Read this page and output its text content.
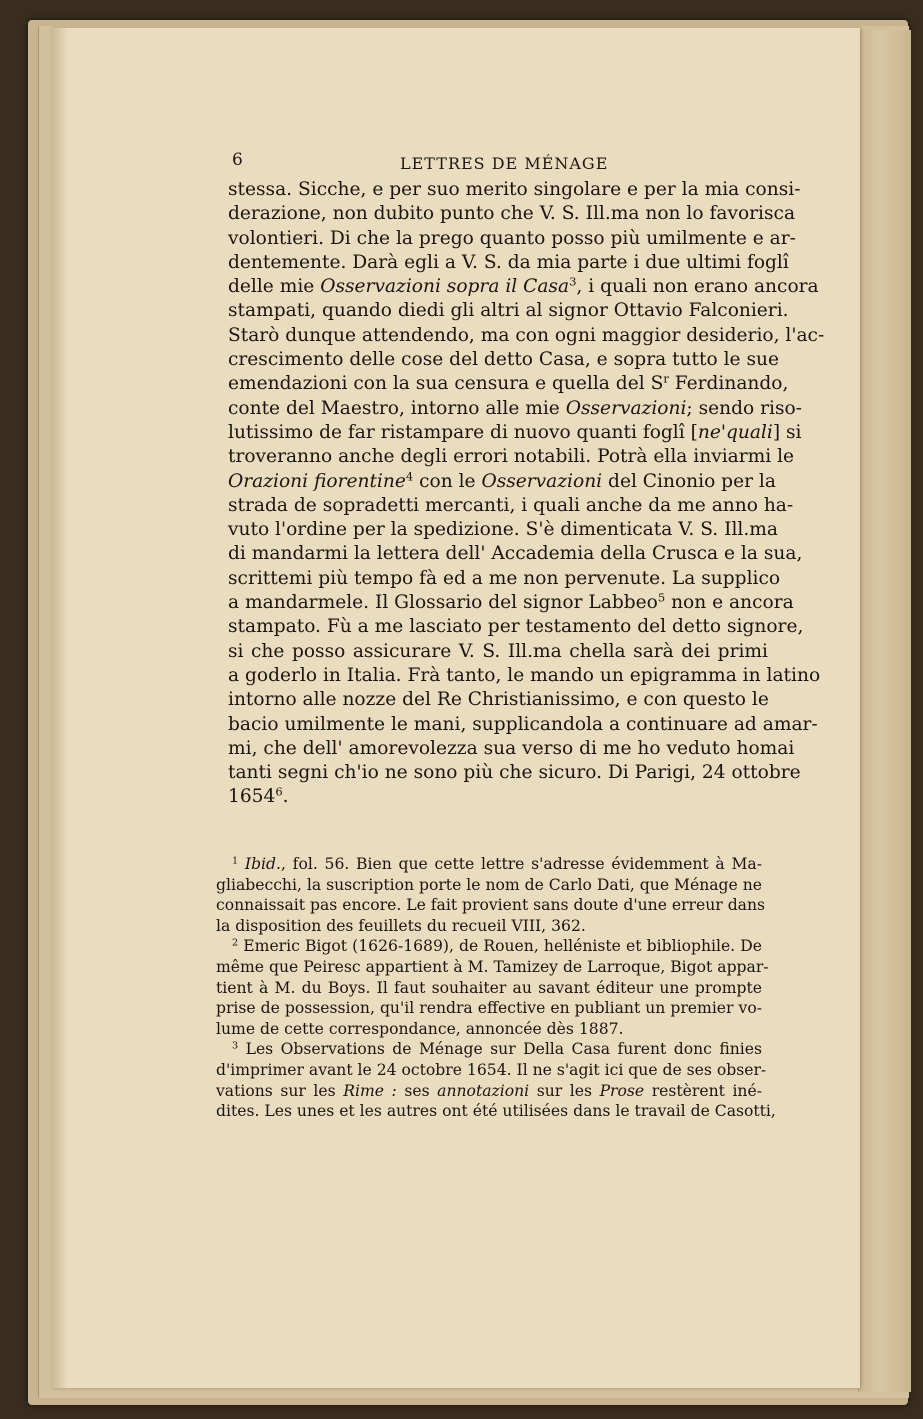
6	LETTRES DE MÉNAGE
stessa. Sicche, e per suo merito singolare e per la mia consi-
derazione, non dubito punto che V. S. Ill.ma non lo favorisca
volontieri. Di che la prego quanto posso più umilmente e ar-
dentemente. Darà egli a V. S. da mia parte i due ultimi foglî
delle mie Osservazioni sopra il Casa$^3$, i quali non erano ancora
stampati, quando diedi gli altri al signor Ottavio Falconieri.
Starò dunque attendendo, ma con ogni maggior desiderio, l'ac-
crescimento delle cose del detto Casa, e sopra tutto le sue
emendazioni con la sua censura e quella del $S^r$ Ferdinando,
conte del Maestro, intorno alle mie Osservazioni; sendo riso-
lutissimo de far ristampare di nuovo quanti foglî [ne'quali
troveranno anche degli errori notabili. Potrà ella inviarmi le
Orazioni fiorentine$^4$ con le Osservazioni del Cinonio per la
strada de sopradetti mercanti, i quali anche da me anno ha-
vuto l'ordine per la spedizione. S'è dimenticata V. S. Ill.ma
di mandarmi la lettera dell' Accademia della Crusca e la sua,
scrittemi più tempo fà ed a me non pervenute. La supplico
a mandarmele. Il Glossario del signor Labbeo$^5$ non e ancora
stampato. Fù a me lasciato per testamento del detto signore,
si che posso assicurare V. S. Ill.ma chella sarà dei primi
a goderlo in Italia. Frà tanto, le mando un epigramma in latino
intorno alle nozze del Re Christianissimo, e con questo le
bacio umilmente le mani, supplicandola a continuare ad amar-
mi, che dell' amorevolezza sua verso di me ho veduto homai
tanti segni ch'io ne sono più che sicuro. Di Parigi, 24 ottobre
1654$^6$.
$^1$ Ibid., fol. 56. Bien que cette lettre s'adresse évidemment à Ma-
gliabecchi, la suscription porte le nom de Carlo Dati, que Ménage ne
connaissait pas encore. Le fait provient sans doute d'une erreur dans
la disposition des feuillets du recueil VIII, 362.
$^2$ Emeric Bigot (1626-1689), de Rouen, helléniste et bibliophile. De
même que Peiresc appartient à M. Tamizey de Larroque, Bigot appar-
tient à M. du Boys. Il faut souhaiter au savant éditeur une prompte
prise de possession, qu'il rendra effective en publiant un premier vo-
lume de cette correspondance, annoncée dès 1887.
$^3$ Les Observations de Ménage sur Della Casa furent donc finies
d'imprimer avant le 24 octobre 1654. Il ne s'agit ici que de ses obser-
vations sur les Rime : ses annotazioni sur les Prose restèrent iné-
dites. Les unes et les autres ont été utilisées dans le travail de Casotti,
